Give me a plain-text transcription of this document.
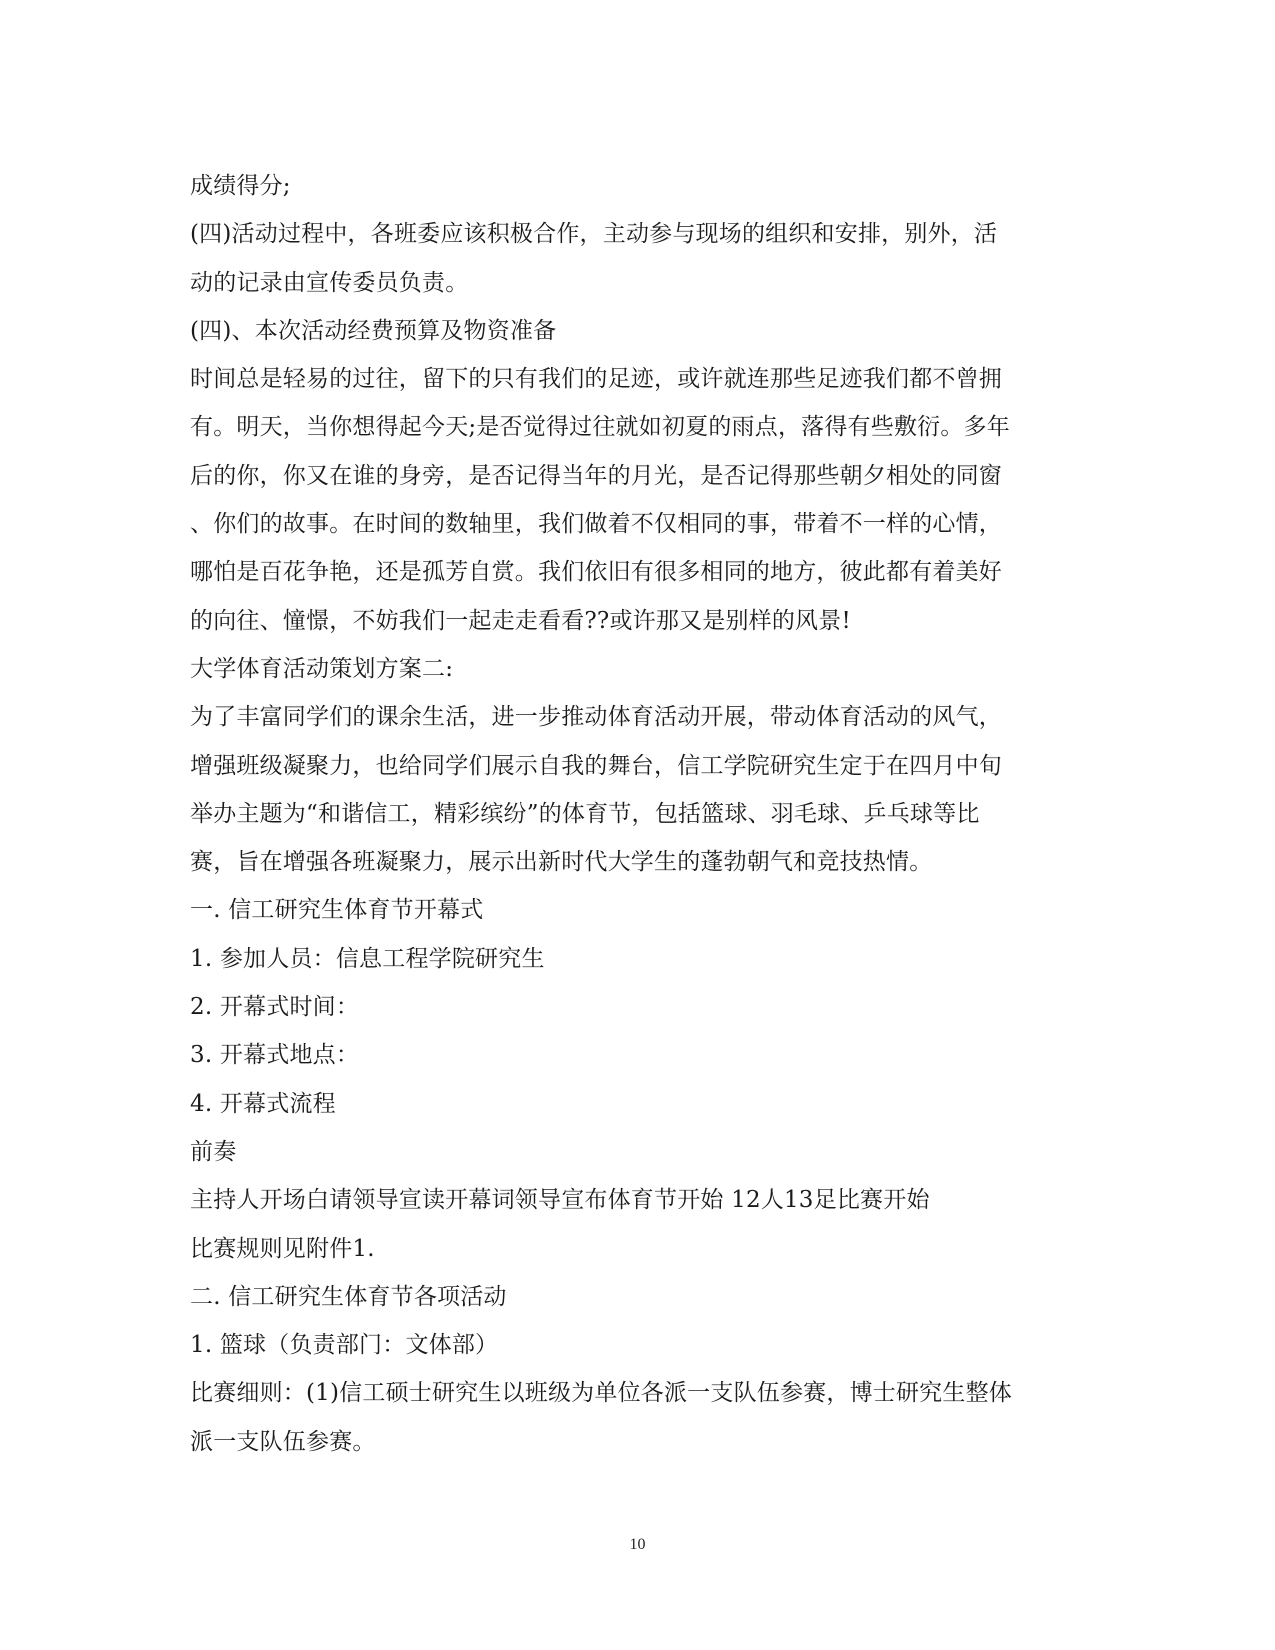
成绩得分;
(四)活动过程中，各班委应该积极合作，主动参与现场的组织和安排，别外，活
动的记录由宣传委员负责。
(四)、本次活动经费预算及物资准备
时间总是轻易的过往，留下的只有我们的足迹，或许就连那些足迹我们都不曾拥
有。明天，当你想得起今天;是否觉得过往就如初夏的雨点，落得有些敷衍。多年
后的你，你又在谁的身旁，是否记得当年的月光，是否记得那些朝夕相处的同窗
、你们的故事。在时间的数轴里，我们做着不仅相同的事，带着不一样的心情，
哪怕是百花争艳，还是孤芳自赏。我们依旧有很多相同的地方，彼此都有着美好
的向往、憧憬，不妨我们一起走走看看??或许那又是别样的风景!
大学体育活动策划方案二:
为了丰富同学们的课余生活，进一步推动体育活动开展，带动体育活动的风气，
增强班级凝聚力，也给同学们展示自我的舞台，信工学院研究生定于在四月中旬
举办主题为“和谐信工，精彩缤纷”的体育节，包括篮球、羽毛球、乒乓球等比
赛，旨在增强各班凝聚力，展示出新时代大学生的蓬勃朝气和竞技热情。
一. 信工研究生体育节开幕式
1. 参加人员：信息工程学院研究生
2. 开幕式时间：
3. 开幕式地点：
4. 开幕式流程
前奏
主持人开场白请领导宣读开幕词领导宣布体育节开始 12人13足比赛开始
比赛规则见附件1.
二. 信工研究生体育节各项活动
1. 篮球（负责部门：文体部）
比赛细则：(1)信工硕士研究生以班级为单位各派一支队伍参赛，博士研究生整体
派一支队伍参赛。
10
